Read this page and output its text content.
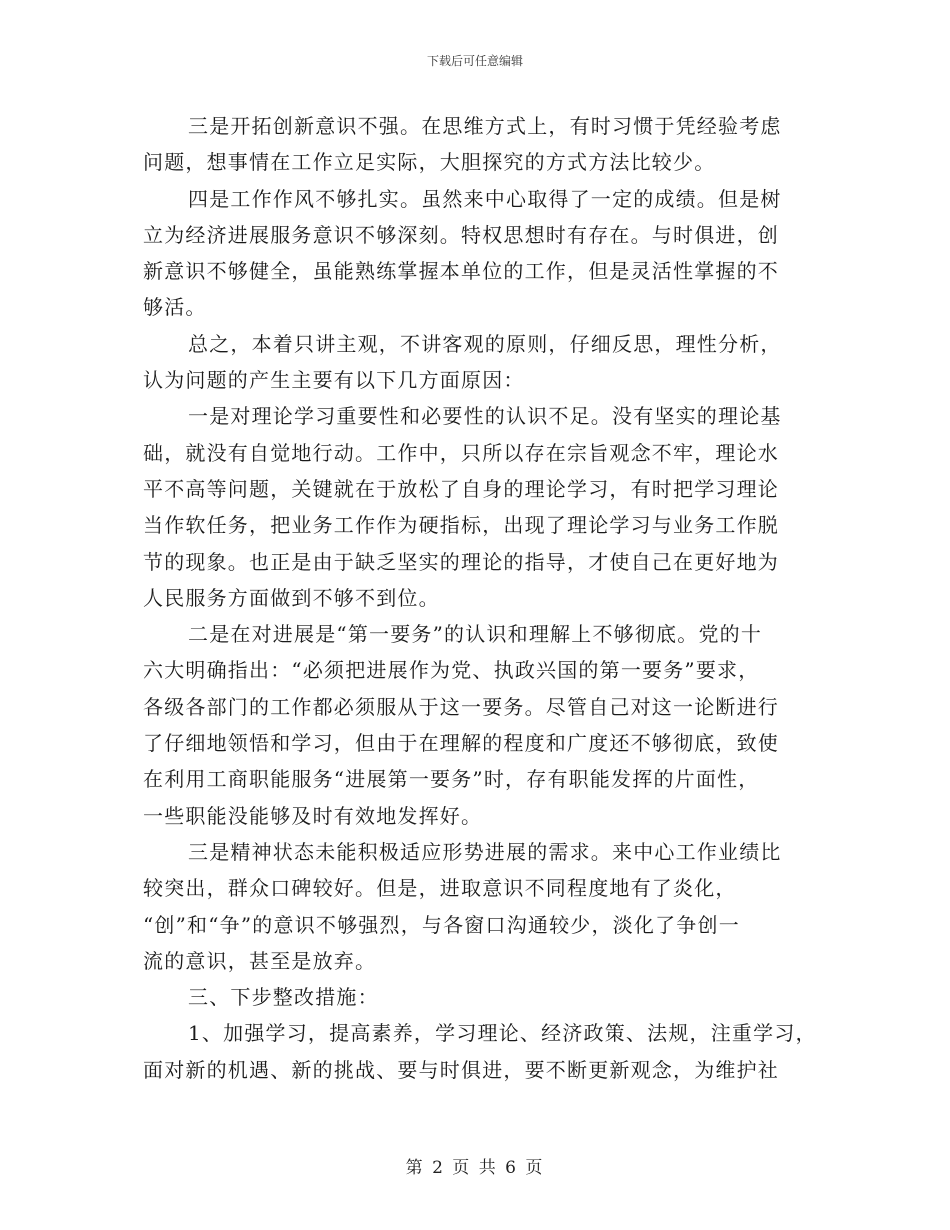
下载后可任意编辑
三是开拓创新意识不强。在思维方式上，有时习惯于凭经验考虑
问题，想事情在工作立足实际，大胆探究的方式方法比较少。
四是工作作风不够扎实。虽然来中心取得了一定的成绩。但是树
立为经济进展服务意识不够深刻。特权思想时有存在。与时俱进，创
新意识不够健全，虽能熟练掌握本单位的工作，但是灵活性掌握的不
够活。
总之，本着只讲主观，不讲客观的原则，仔细反思，理性分析，
认为问题的产生主要有以下几方面原因：
一是对理论学习重要性和必要性的认识不足。没有坚实的理论基
础，就没有自觉地行动。工作中，只所以存在宗旨观念不牢，理论水
平不高等问题，关键就在于放松了自身的理论学习，有时把学习理论
当作软任务，把业务工作作为硬指标，出现了理论学习与业务工作脱
节的现象。也正是由于缺乏坚实的理论的指导，才使自己在更好地为
人民服务方面做到不够不到位。
二是在对进展是“第一要务”的认识和理解上不够彻底。党的十
六大明确指出：“必须把进展作为党、执政兴国的第一要务”要求，
各级各部门的工作都必须服从于这一要务。尽管自己对这一论断进行
了仔细地领悟和学习，但由于在理解的程度和广度还不够彻底，致使
在利用工商职能服务“进展第一要务”时，存有职能发挥的片面性，
一些职能没能够及时有效地发挥好。
三是精神状态未能积极适应形势进展的需求。来中心工作业绩比
较突出，群众口碑较好。但是，进取意识不同程度地有了炎化，
“创”和“争”的意识不够强烈，与各窗口沟通较少，淡化了争创一
流的意识，甚至是放弃。
三、下步整改措施：
1、加强学习，提高素养，学习理论、经济政策、法规，注重学习，
面对新的机遇、新的挑战、要与时俱进，要不断更新观念，为维护社
第 2 页 共 6 页
